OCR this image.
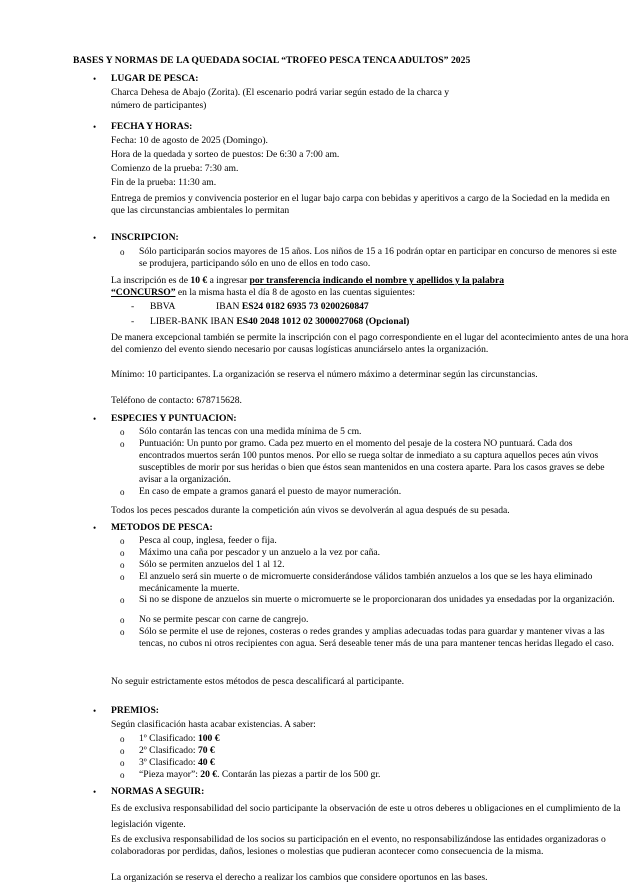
BASES Y NORMAS DE LA QUEDADA SOCIAL “TROFEO PESCA TENCA ADULTOS” 2025
• LUGAR DE PESCA:
Charca Dehesa de Abajo (Zorita). (El escenario podrá variar según estado de la charca y
número de participantes)
• FECHA Y HORAS:
Fecha: 10 de agosto de 2025 (Domingo).
Hora de la quedada y sorteo de puestos: De 6:30 a 7:00 am.
Comienzo de la prueba: 7:30 am.
Fin de la prueba: 11:30 am.
Entrega de premios y convivencia posterior en el lugar bajo carpa con bebidas y aperitivos a cargo de la Sociedad en la medida en que las circunstancias ambientales lo permitan
• INSCRIPCION:
o Sólo participarán socios mayores de 15 años. Los niños de 15 a 16 podrán optar en participar en concurso de menores si este se produjera, participando sólo en uno de ellos en todo caso.
La inscripción es de 10 € a ingresar por transferencia indicando el nombre y apellidos y la palabra
“CONCURSO” en la misma hasta el día 8 de agosto en las cuentas siguientes:
- BBVA	IBAN ES24 0182 6935 73 0200260847
- LIBER-BANK IBAN ES40 2048 1012 02 3000027068 (Opcional)
De manera excepcional también se permite la inscripción con el pago correspondiente en el lugar del acontecimiento antes de una hora del comienzo del evento siendo necesario por causas logísticas anunciárselo antes la organización.
Mínimo: 10 participantes. La organización se reserva el número máximo a determinar según las circunstancias.
Teléfono de contacto: 678715628.
• ESPECIES Y PUNTUACION:
o Sólo contarán las tencas con una medida mínima de 5 cm.
o Puntuación: Un punto por gramo. Cada pez muerto en el momento del pesaje de la costera NO puntuará. Cada dos encontrados muertos serán 100 puntos menos. Por ello se ruega soltar de inmediato a su captura aquellos peces aún vivos susceptibles de morir por sus heridas o bien que éstos sean mantenidos en una costera aparte. Para los casos graves se debe avisar a la organización.
o En caso de empate a gramos ganará el puesto de mayor numeración.
Todos los peces pescados durante la competición aún vivos se devolverán al agua después de su pesada.
• METODOS DE PESCA:
o Pesca al coup, inglesa, feeder o fija.
o Máximo una caña por pescador y un anzuelo a la vez por caña.
o Sólo se permiten anzuelos del 1 al 12.
o El anzuelo será sin muerte o de micromuerte considerándose válidos también anzuelos a los que se les haya eliminado mecánicamente la muerte.
o Si no se dispone de anzuelos sin muerte o micromuerte se le proporcionaran dos unidades ya ensedadas por la organización.
o No se permite pescar con carne de cangrejo.
o Sólo se permite el use de rejones, costeras o redes grandes y amplias adecuadas todas para guardar y mantener vivas a las tencas, no cubos ni otros recipientes con agua. Será deseable tener más de una para mantener tencas heridas llegado el caso.
No seguir estrictamente estos métodos de pesca descalificará al participante.
• PREMIOS:
Según clasificación hasta acabar existencias. A saber:
o 1º Clasificado: 100 €
o 2º Clasificado: 70 €
o 3º Clasificado: 40 €
o “Pieza mayor”: 20 €. Contarán las piezas a partir de los 500 gr.
• NORMAS A SEGUIR:
Es de exclusiva responsabilidad del socio participante la observación de este u otros deberes u obligaciones en el cumplimiento de la legislación vigente.
Es de exclusiva responsabilidad de los socios su participación en el evento, no responsabilizándose las entidades organizadoras o colaboradoras por perdidas, daños, lesiones o molestias que pudieran acontecer como consecuencia de la misma.
La organización se reserva el derecho a realizar los cambios que considere oportunos en las bases.
